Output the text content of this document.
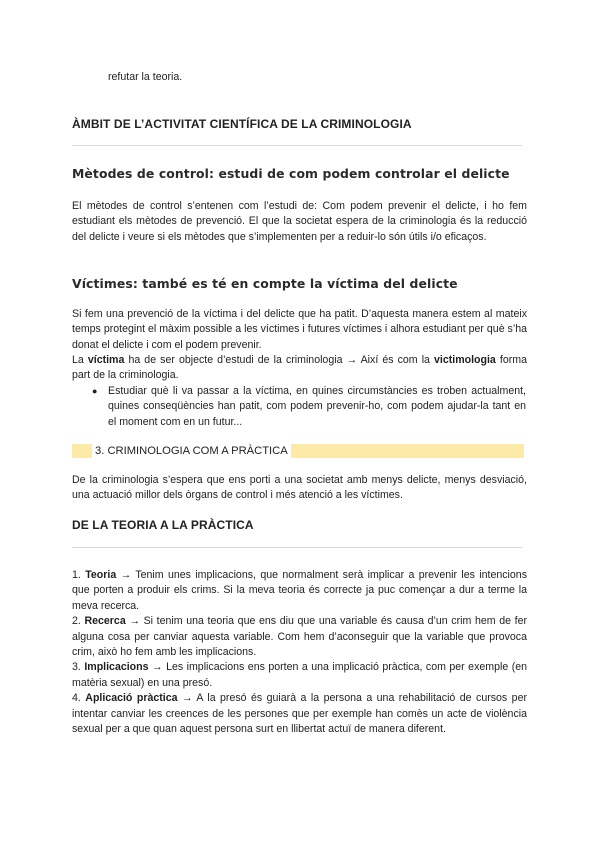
refutar la teoria.

ÀMBIT DE L’ACTIVITAT CIENTÍFICA DE LA CRIMINOLOGIA
Mètodes de control: estudi de com podem controlar el delicte

El mètodes de control s’entenen com l’estudi de: Com podem prevenir el delicte, i ho fem estudiant els mètodes de prevenció. El que la societat espera de la criminologia és la reducció del delicte i veure si els mètodes que s’implementen per a reduir-lo són útils i/o eficaços.

Víctimes: també es té en compte la víctima del delicte

Si fem una prevenció de la víctima i del delicte que ha patit. D’aquesta manera estem al mateix temps protegint el màxim possible a les víctimes i futures víctimes i alhora estudiant per què s’ha donat el delicte i com el podem prevenir.

La víctima ha de ser objecte d’estudi de la criminologia → Així és com la victimologia forma part de la criminologia.

● Estudiar què li va passar a la víctima, en quines circumstàncies es troben actualment, quines conseqüències han patit, com podem prevenir-ho, com podem ajudar-la tant en el moment com en un futur...

3. CRIMINOLOGIA COM A PRÀCTICA

De la criminologia s’espera que ens porti a una societat amb menys delicte, menys desviació, una actuació millor dels òrgans de control i més atenció a les víctimes.

DE LA TEORIA A LA PRÀCTICA

1. Teoria → Tenim unes implicacions, que normalment serà implicar a prevenir les intencions que porten a produir els crims. Si la meva teoria és correcte ja puc començar a dur a terme la meva recerca.

2. Recerca → Si tenim una teoria que ens diu que una variable és causa d’un crim hem de fer alguna cosa per canviar aquesta variable. Com hem d’aconseguir que la variable que provoca crim, això ho fem amb les implicacions.

3. Implicacions → Les implicacions ens porten a una implicació pràctica, com per exemple (en matèria sexual) en una presó.

4. Aplicació pràctica → A la presó és guiarà a la persona a una rehabilitació de cursos per intentar canviar les creences de les persones que per exemple han comès un acte de violència sexual per a que quan aquest persona surt en llibertat actuï de manera diferent.
